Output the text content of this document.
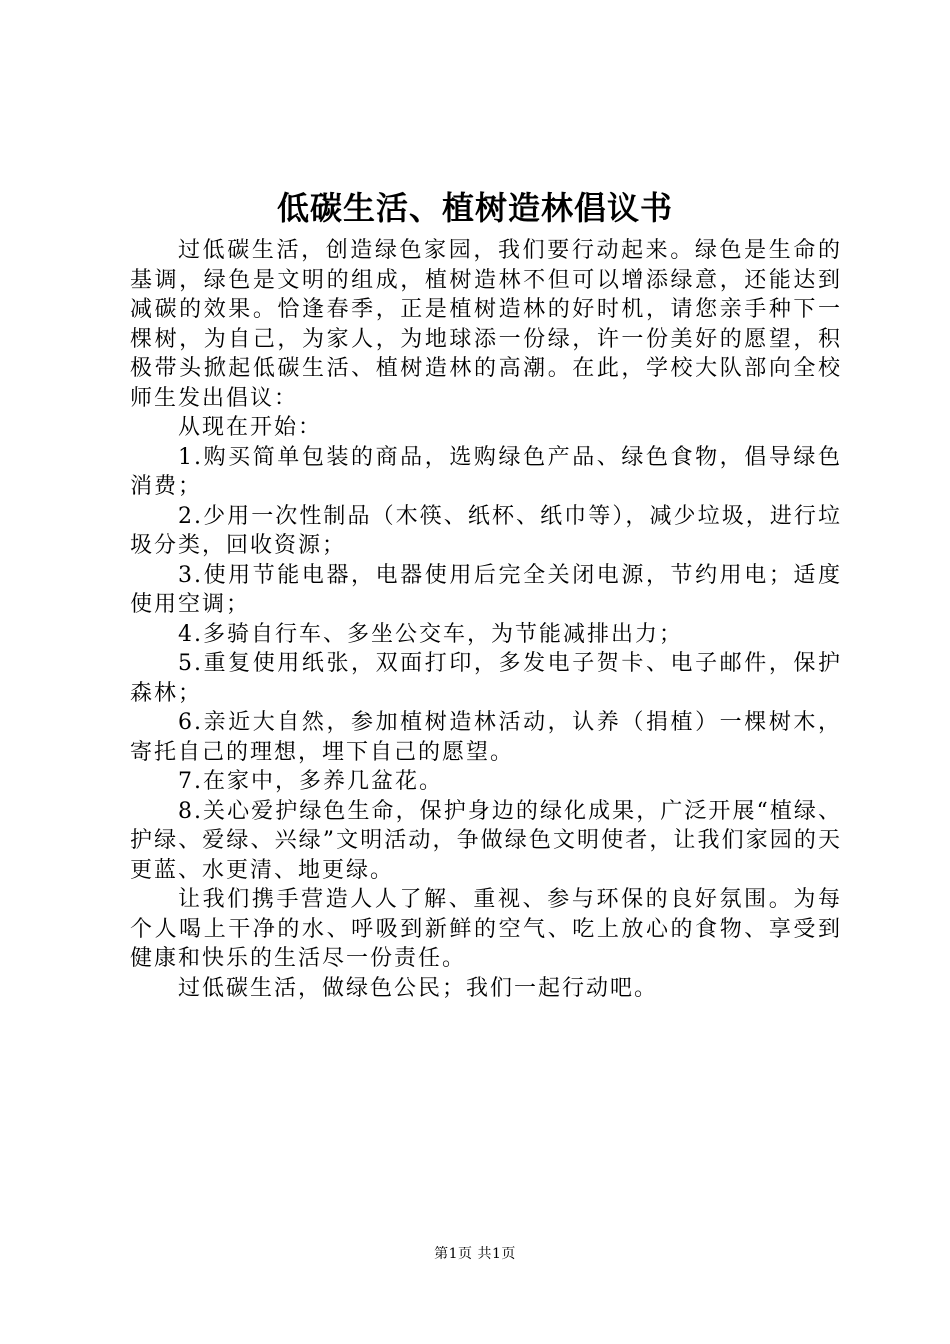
低碳生活、植树造林倡议书

过低碳生活，创造绿色家园，我们要行动起来。绿色是生命的基调，绿色是文明的组成，植树造林不但可以增添绿意，还能达到减碳的效果。恰逢春季，正是植树造林的好时机，请您亲手种下一棵树，为自己，为家人，为地球添一份绿，许一份美好的愿望，积极带头掀起低碳生活、植树造林的高潮。在此，学校大队部向全校师生发出倡议：

从现在开始：

1.购买简单包装的商品，选购绿色产品、绿色食物，倡导绿色消费；

2.少用一次性制品（木筷、纸杯、纸巾等），减少垃圾，进行垃圾分类，回收资源；

3.使用节能电器，电器使用后完全关闭电源，节约用电；适度使用空调；

4.多骑自行车、多坐公交车，为节能减排出力；

5.重复使用纸张，双面打印，多发电子贺卡、电子邮件，保护森林；

6.亲近大自然，参加植树造林活动，认养（捐植）一棵树木，寄托自己的理想，埋下自己的愿望。

7.在家中，多养几盆花。

8.关心爱护绿色生命，保护身边的绿化成果，广泛开展“植绿、护绿、爱绿、兴绿”文明活动，争做绿色文明使者，让我们家园的天更蓝、水更清、地更绿。

让我们携手营造人人了解、重视、参与环保的良好氛围。为每个人喝上干净的水、呼吸到新鲜的空气、吃上放心的食物、享受到健康和快乐的生活尽一份责任。

过低碳生活，做绿色公民；我们一起行动吧。

第1页 共1页
